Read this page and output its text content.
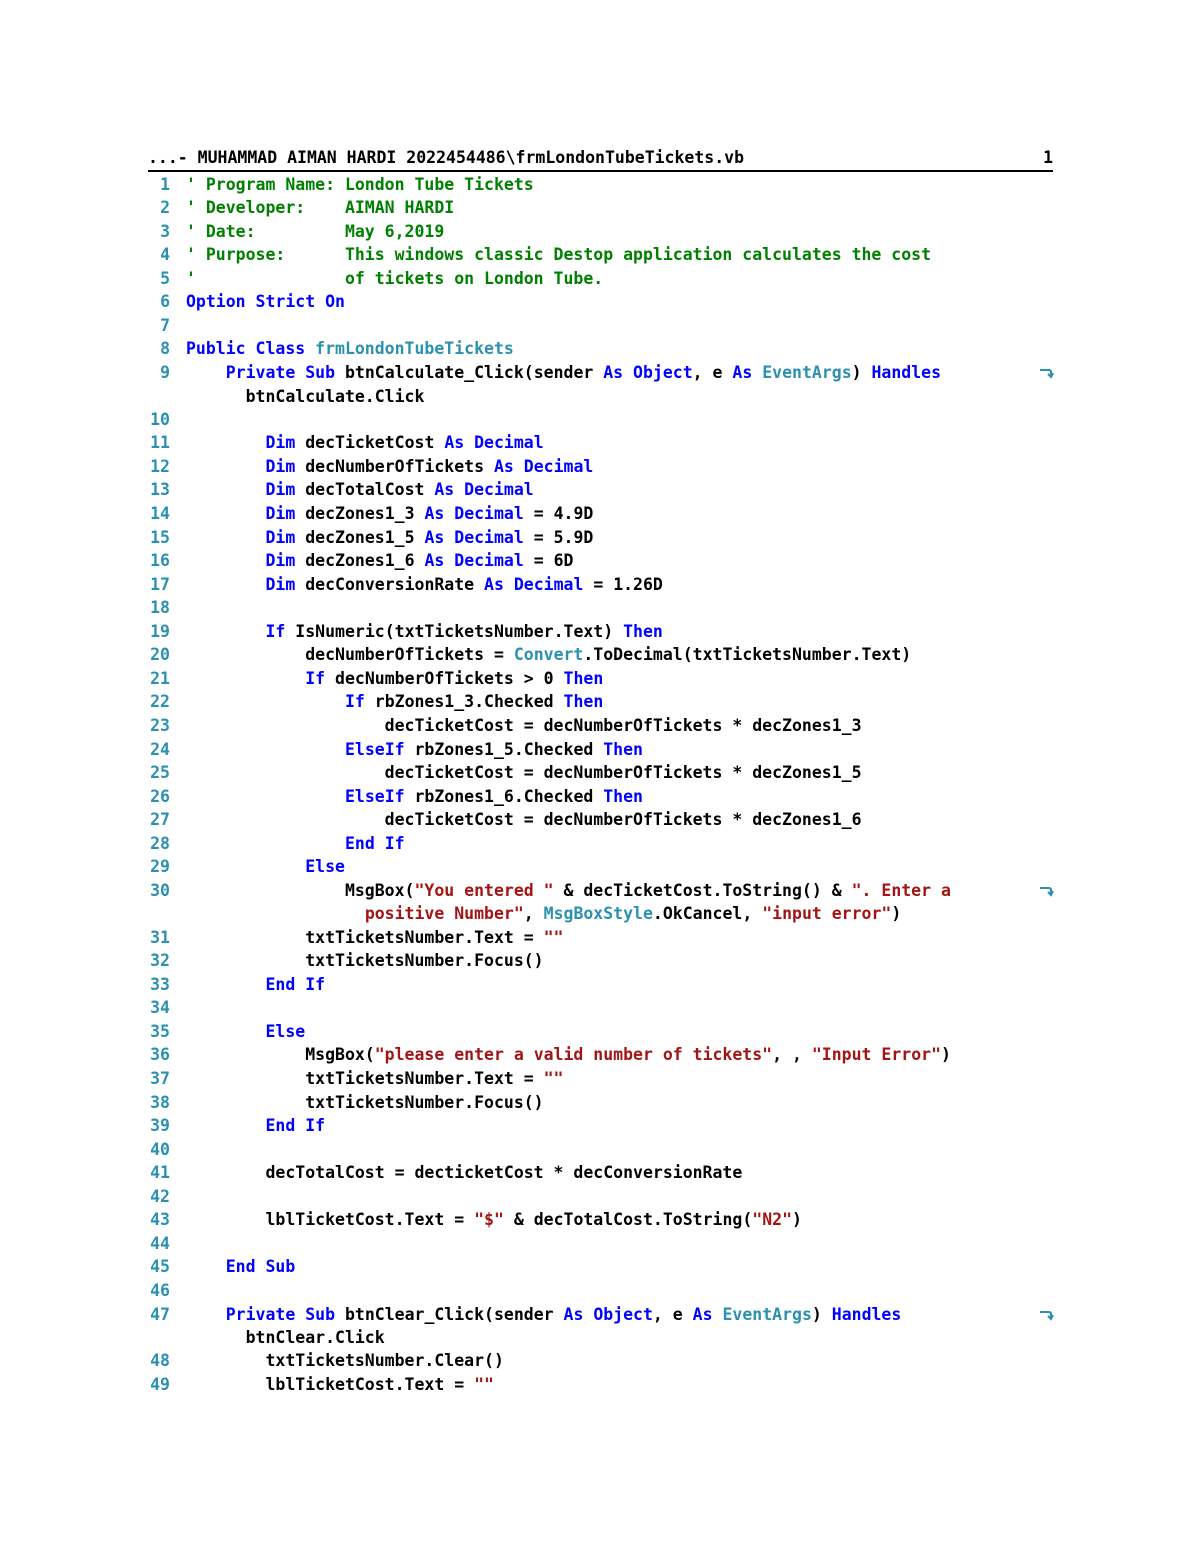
...- MUHAMMAD AIMAN HARDI 2022454486\frmLondonTubeTickets.vb	1
1 ' Program Name: London Tube Tickets
2 ' Developer:    AIMAN HARDI
3 ' Date:         May 6,2019
4 ' Purpose:      This windows classic Destop application calculates the cost
5 '               of tickets on London Tube.
6 Option Strict On
7
8 Public Class frmLondonTubeTickets
9	Private Sub btnCalculate_Click(sender As Object, e As EventArgs) Handles
btnCalculate.Click
10
11	Dim decTicketCost As Decimal
12	Dim decNumberOfTickets As Decimal
13	Dim decTotalCost As Decimal
14	Dim decZones1_3 As Decimal = 4.9D
15	Dim decZones1_5 As Decimal = 5.9D
16	Dim decZones1_6 As Decimal = 6D
17	Dim decConversionRate As Decimal = 1.26D
18
19	If IsNumeric(txtTicketsNumber.Text) Then
20 decNumberOfTickets = Convert.ToDecimal(txtTicketsNumber.Text)
21	If decNumberOfTickets > 0 Then
22	If rbZones1_3.Checked Then
23 decTicketCost = decNumberOfTickets * decZones1_3
24	ElseIf rbZones1_5.Checked Then
25 decTicketCost = decNumberOfTickets * decZones1_5
26	ElseIf rbZones1_6.Checked Then
27 decTicketCost = decNumberOfTickets * decZones1_6
28	End If
29	Else
30 MsgBox("You entered " & decTicketCost.ToString() & ". Enter a
positive Number", MsgBoxStyle.OkCancel, "input error")
31 txtTicketsNumber.Text = ""
32 txtTicketsNumber.Focus()
33	End If
34
35	Else
36 MsgBox("please enter a valid number of tickets", , "Input Error")
37 txtTicketsNumber.Text = ""
38 txtTicketsNumber.Focus()
39	End If
40
41 decTotalCost = decticketCost * decConversionRate
42
43 lblTicketCost.Text = "$" & decTotalCost.ToString("N2")
44
45	End Sub
46
47	Private Sub btnClear_Click(sender As Object, e As EventArgs) Handles
btnClear.Click
48 txtTicketsNumber.Clear()
49 lblTicketCost.Text = ""
